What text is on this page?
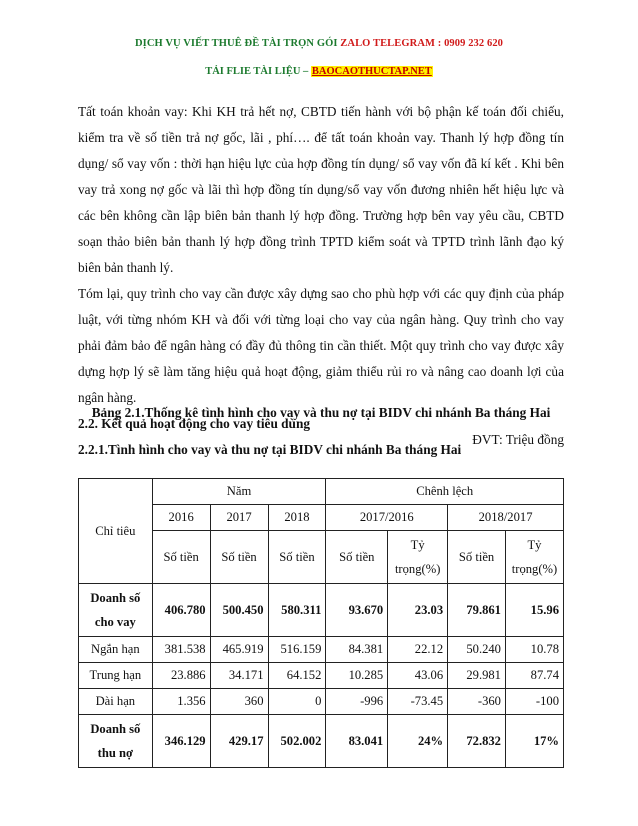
DỊCH VỤ VIẾT THUÊ ĐỀ TÀI TRỌN GÓI ZALO TELEGRAM : 0909 232 620
TẢI FLIE TÀI LIỆU – BAOCAOTHUCTAP.NET

Tất toán khoản vay: Khi KH trả hết nợ, CBTD tiến hành với bộ phận kế toán đối chiếu, kiểm tra về số tiền trả nợ gốc, lãi , phí…. để tất toán khoản vay. Thanh lý hợp đồng tín dụng/ sổ vay vốn : thời hạn hiệu lực của hợp đồng tín dụng/ sổ vay vốn đã kí kết . Khi bên vay trả xong nợ gốc và lãi thì hợp đồng tín dụng/sổ vay vốn đương nhiên hết hiệu lực và các bên không cần lập biên bản thanh lý hợp đồng. Trường hợp bên vay yêu cầu, CBTD soạn thảo biên bản thanh lý hợp đồng trình TPTD kiểm soát và TPTD trình lãnh đạo ký biên bản thanh lý.

Tóm lại, quy trình cho vay cần được xây dựng sao cho phù hợp với các quy định của pháp luật, với từng nhóm KH và đối với từng loại cho vay của ngân hàng. Quy trình cho vay phải đảm bảo để ngân hàng có đầy đủ thông tin cần thiết. Một quy trình cho vay được xây dựng hợp lý sẽ làm tăng hiệu quả hoạt động, giảm thiểu rủi ro và nâng cao doanh lợi của ngân hàng.

2.2. Kết quả hoạt động cho vay tiêu dùng

2.2.1.Tình hình cho vay và thu nợ tại BIDV chi nhánh Ba tháng Hai

Bảng 2.1.Thống kê tình hình cho vay và thu nợ tại BIDV chi nhánh Ba tháng Hai
ĐVT: Triệu đồng
Chỉ tiêu	Năm			Chênh lệch			
	2016	2017	2018	2017/2016		2018/2017	
	Số tiền	Số tiền	Số tiền	Số tiền	Tỷ trọng(%)	Số tiền	Tỷ trọng(%)
Doanh số cho vay	406.780	500.450	580.311	93.670	23.03	79.861	15.96
Ngắn hạn	381.538	465.919	516.159	84.381	22.12	50.240	10.78
Trung hạn	23.886	34.171	64.152	10.285	43.06	29.981	87.74
Dài hạn	1.356	360	0	-996	-73.45	-360	-100
Doanh số thu nợ	346.129	429.17	502.002	83.041	24%	72.832	17%
